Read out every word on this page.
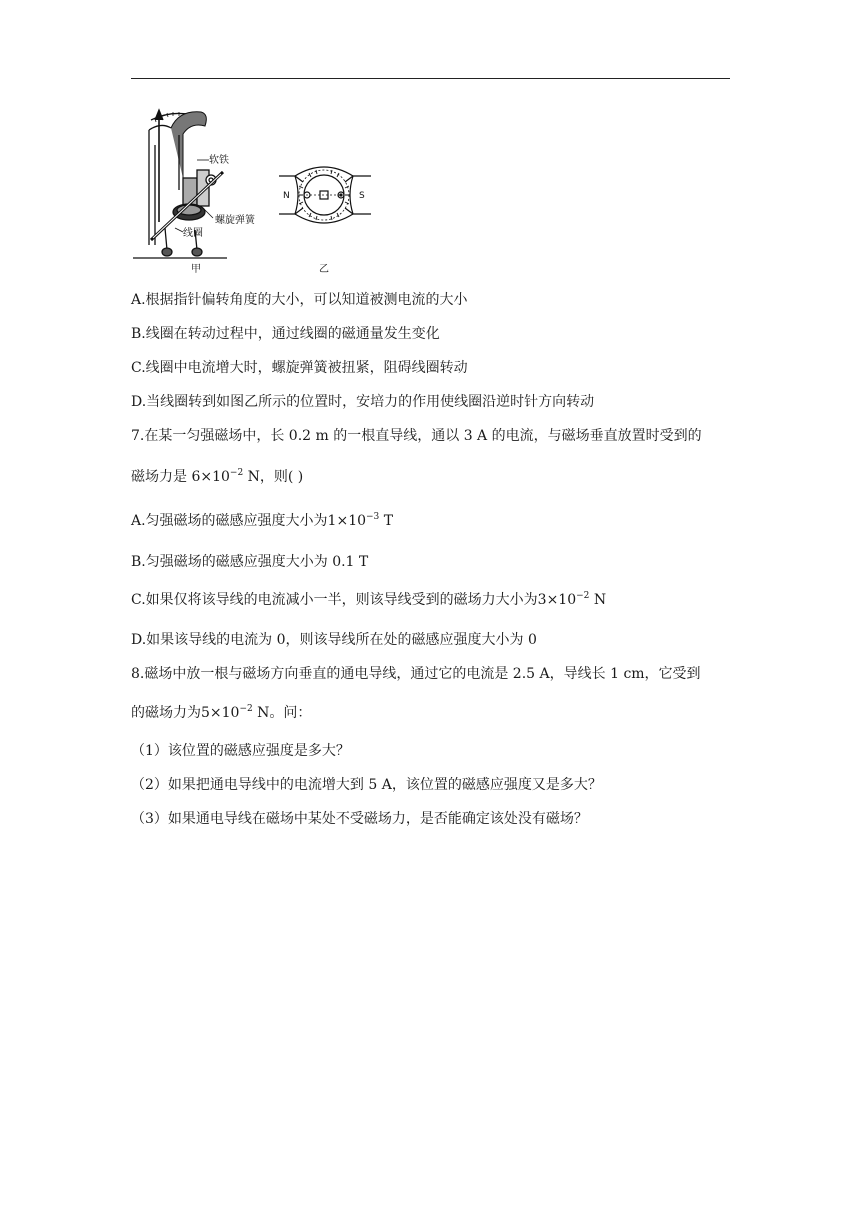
软铁
螺旋弹簧
线圈
甲
N	S
乙
A.根据指针偏转角度的大小，可以知道被测电流的大小
B.线圈在转动过程中，通过线圈的磁通量发生变化
C.线圈中电流增大时，螺旋弹簧被扭紧，阻碍线圈转动
D.当线圈转到如图乙所示的位置时，安培力的作用使线圈沿逆时针方向转动
7.在某一匀强磁场中，长 0.2 m 的一根直导线，通以 3 A 的电流，与磁场垂直放置时受到的
磁场力是 $6\times 10^{-2}$ N，则( )
A.匀强磁场的磁感应强度大小为$1\times 10^{-3}$ T
B.匀强磁场的磁感应强度大小为 0.1 T
C.如果仅将该导线的电流减小一半，则该导线受到的磁场力大小为$3\times 10^{-2}$ N
D.如果该导线的电流为 0，则该导线所在处的磁感应强度大小为 0
8.磁场中放一根与磁场方向垂直的通电导线，通过它的电流是 2.5 A，导线长 1 cm，它受到
的磁场力为$5\times 10^{-2}$ N。问：
（1）该位置的磁感应强度是多大？
（2）如果把通电导线中的电流增大到 5 A，该位置的磁感应强度又是多大？
（3）如果通电导线在磁场中某处不受磁场力，是否能确定该处没有磁场？
